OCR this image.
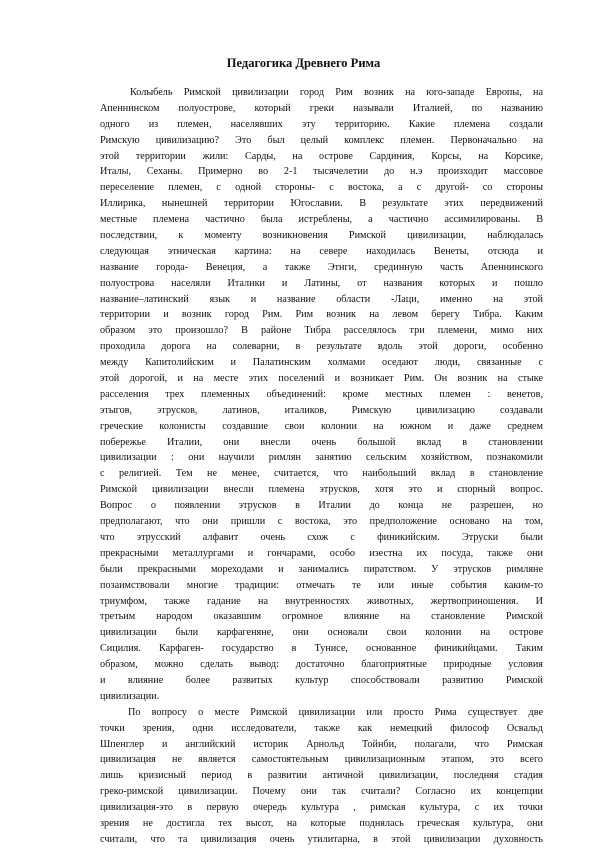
Педагогика Древнего Рима
Колыбель Римской цивилизации город Рим возник на юго-западе Европы, на
Апеннинском полуострове, который греки называли Италией, по названию
одного из племен, населявших эту территорию. Какие племена создали
Римскую цивилизацию? Это был целый комплекс племен. Первоначально на
этой территории жили: Сарды, на острове Сардиния, Корсы, на Корсике,
Италы, Сеханы. Примерно во 2-1 тысячелетии до н.э произходит массовое
переселение племен, с одной стороны- с востока, а с другой- со стороны
Иллирика, нынешней территории Югославии. В результате этих передвижений
местные племена частично была истреблены, а частично ассимилированы. В
последствии, к моменту возникновения Римской цивилизации, наблюдалась
следующая этническая картина: на севере находилась Венеты, отсюда и
название города- Венеция, а также Этнги, срединную часть Апеннинского
полуострова населяли Италики и Латины, от названия которых и пошло
название–латинский язык и название области -Лаци, именно на этой
территории и возник город Рим. Рим возник на левом берегу Тибра. Каким
образом это произошло? В районе Тибра расселялось три племени, мимо них
проходила дорога на солеварни, в результате вдоль этой дороги, особенно
между Капитолийским и Палатинским холмами оседают люди, связанные с
этой дорогой, и на месте этих поселений и возникает Рим. Он возник на стыке
расселения трех племенных объединений: кроме местных племен : венетов,
этыгов, этрусков, латинов, италиков, Римскую цивилизацию создавали
греческие колонисты создавшие свои колонии на южном и даже среднем
побережье Италии, они внесли очень большой вклад в становлении
цивилизации : они научили римлян занятию сельским хозяйством, познакомили
с религией. Тем не менее, считается, что наибольший вклад в становление
Римской цивилизации внесли племена этрусков, хотя это и спорный вопрос.
Вопрос о появлении этрусков в Италии до конца не разрешен, но
предполагают, что они пришли с востока, это предположение основано на том,
что этрусский алфавит очень схож с финикийским. Этруски были
прекрасными металлургами и гончарами, особо изестна их посуда, также они
были прекрасными мореходами и занимались пиратством. У этрусков римляне
позаимствовали многие традиции: отмечать те или иные события каким-то
триумфом, также гадание на внутренностях животных, жертвоприношения. И
третьим народом оказавшим огромное влияние на становление Римской
цивилизации были карфагеняне, они основали свои колонии на острове
Сицилия. Карфаген- государство в Тунисе, основанное финикийцами. Таким
образом, можно сделать вывод: достаточно благоприятные природные условия
и влияние более развитых культур способствовали развитию Римской
цивилизации.
По вопросу о месте Римской цивилизации или просто Рима существует две
точки зрения, одни исследователи, также как немецкий философ Освальд
Шпенглер и английский историк Арнольд Тойнби, полагали, что Римская
цивилизация не является самостоятельным цивилизационным этапом, это всего
лишь кризисный период в развитии античной цивилизации, последняя стадия
греко-римской цивилизации. Почему они так считали? Согласно их концепции
цивилизация-это в первую очередь культура , римская культура, с их точки
зрения не достигла тех высот, на которые поднялась греческая культура, они
считали, что та цивилизация очень утилитарна, в этой цивилизации духовность
